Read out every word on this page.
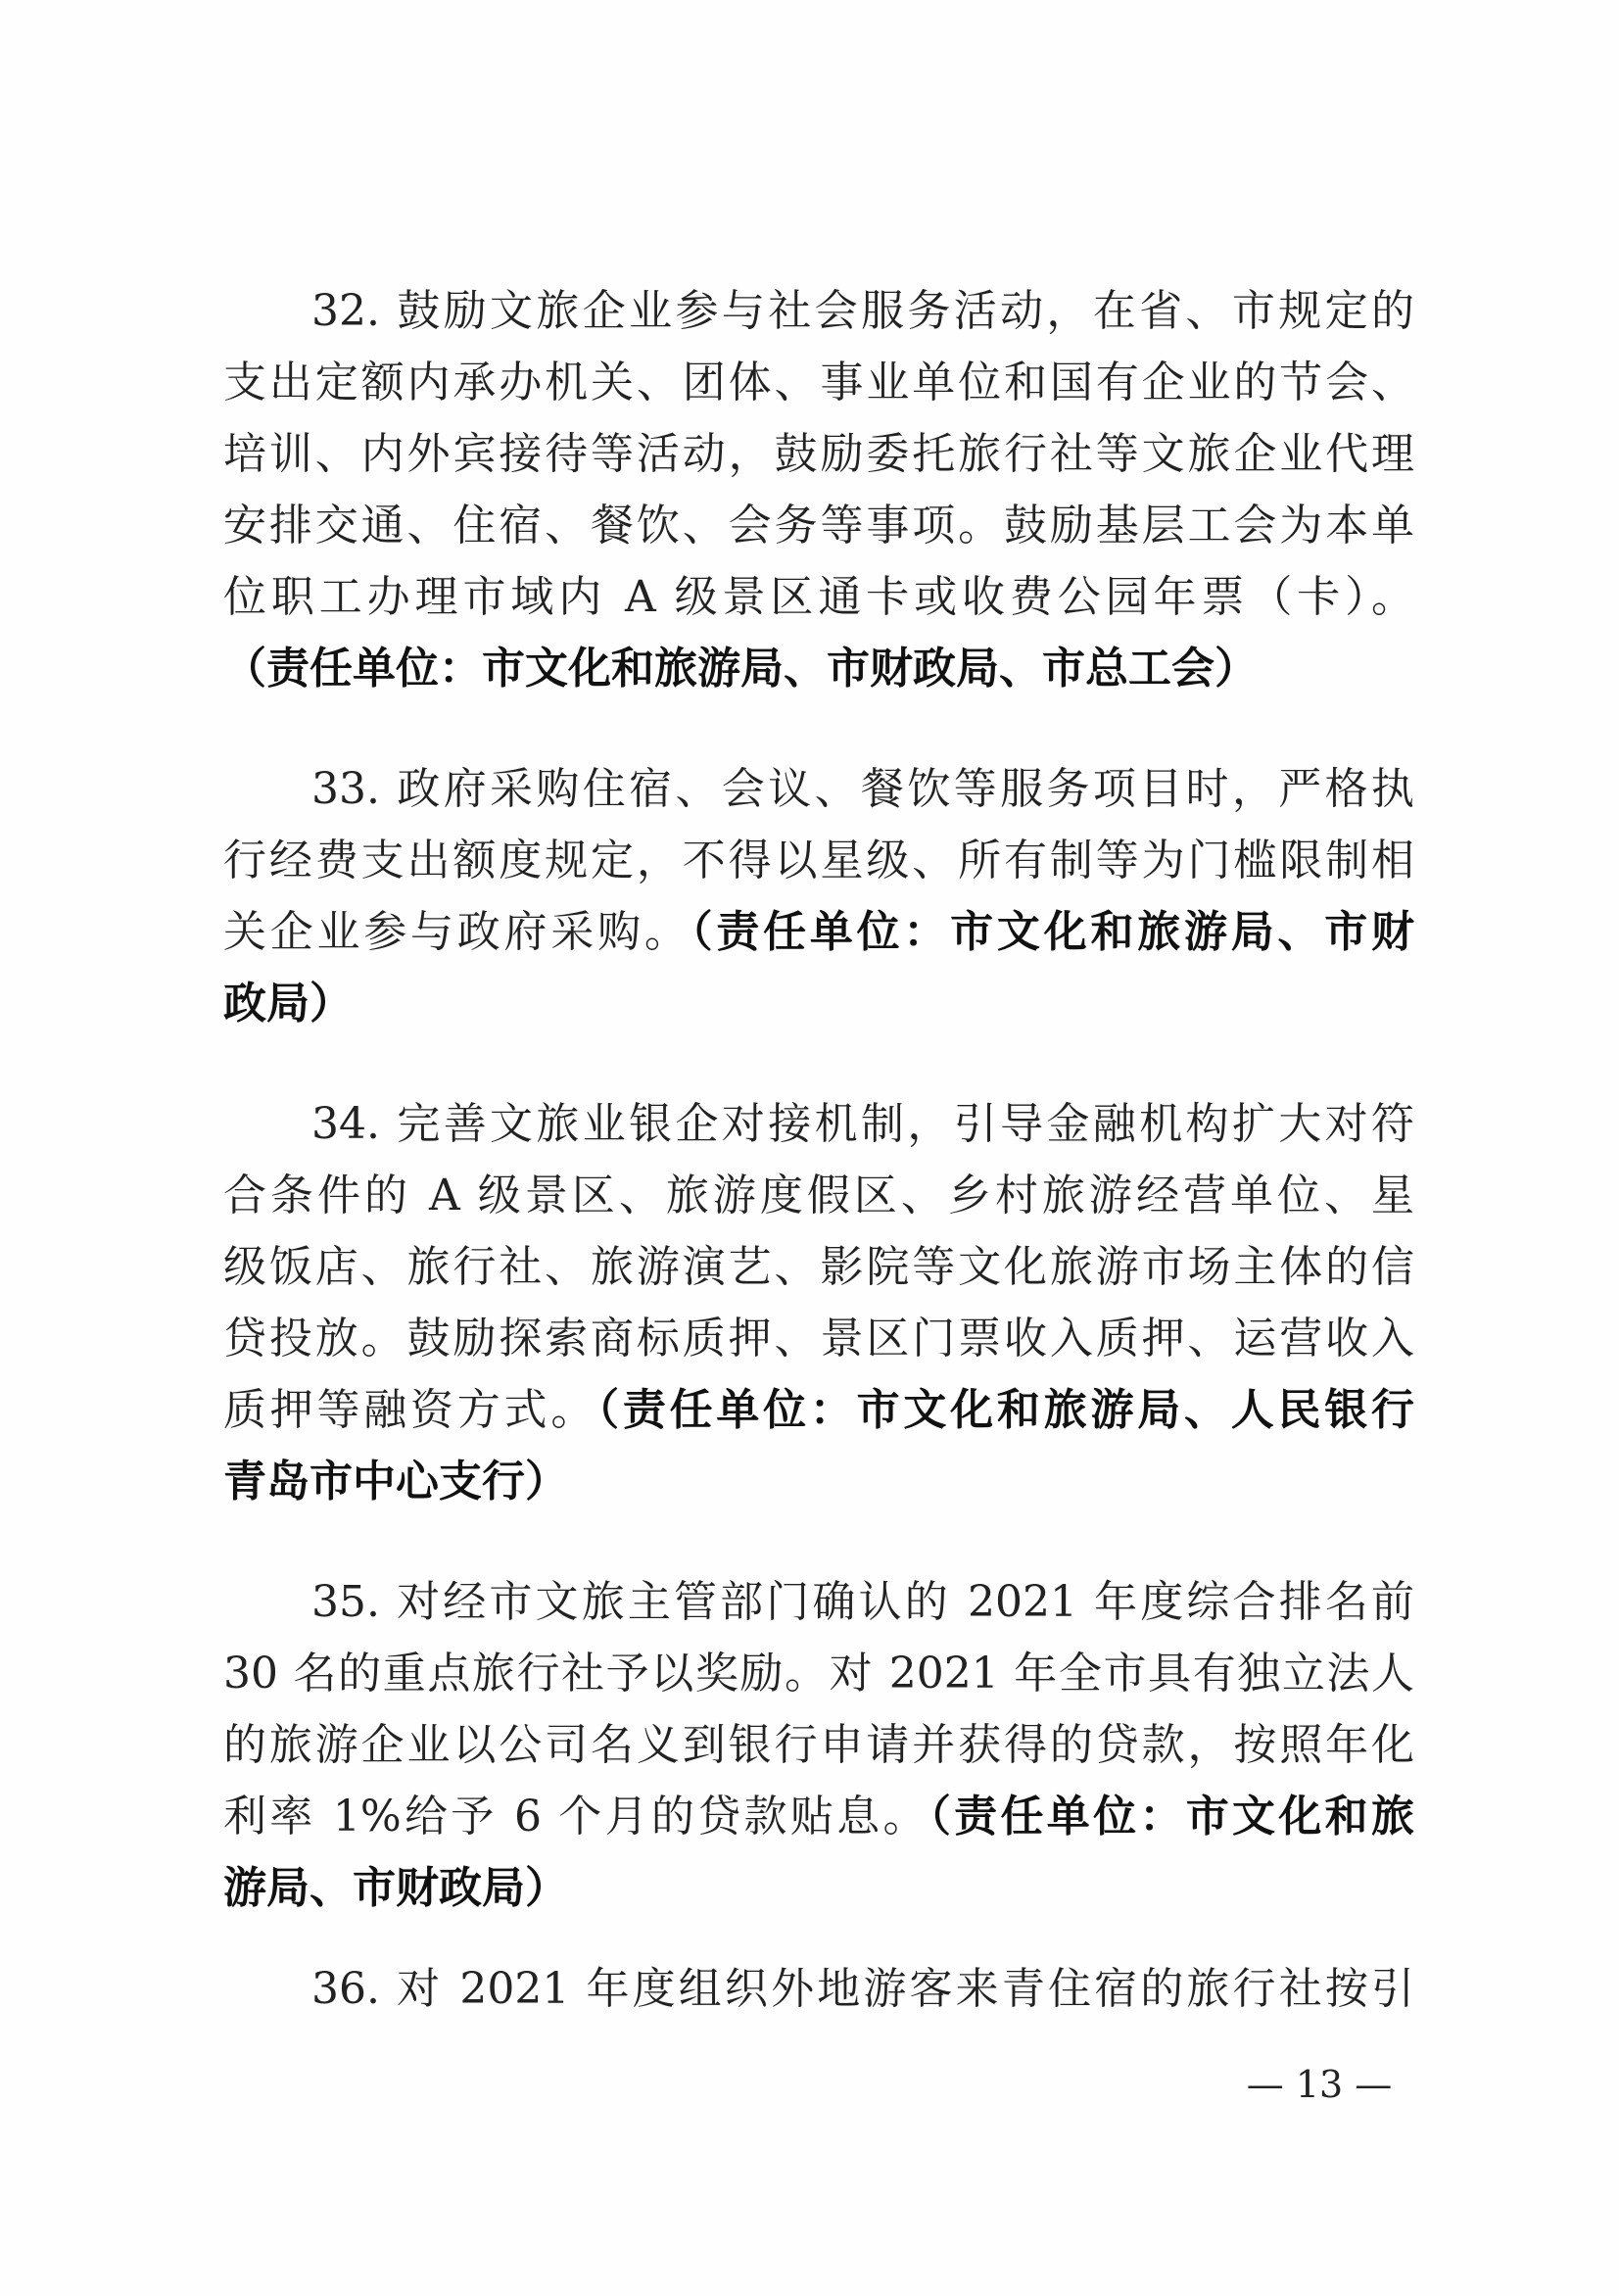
32. 鼓励文旅企业参与社会服务活动，在省、市规定的
支出定额内承办机关、团体、事业单位和国有企业的节会、
培训、内外宾接待等活动，鼓励委托旅行社等文旅企业代理
安排交通、住宿、餐饮、会务等事项。鼓励基层工会为本单
位职工办理市域内 A 级景区通卡或收费公园年票（卡）。
（责任单位：市文化和旅游局、市财政局、市总工会）
33. 政府采购住宿、会议、餐饮等服务项目时，严格执
行经费支出额度规定，不得以星级、所有制等为门槛限制相
关企业参与政府采购。（责任单位：市文化和旅游局、市财
政局）
34. 完善文旅业银企对接机制，引导金融机构扩大对符
合条件的 A 级景区、旅游度假区、乡村旅游经营单位、星
级饭店、旅行社、旅游演艺、影院等文化旅游市场主体的信
贷投放。鼓励探索商标质押、景区门票收入质押、运营收入
质押等融资方式。（责任单位：市文化和旅游局、人民银行
青岛市中心支行）
35. 对经市文旅主管部门确认的 2021 年度综合排名前
30 名的重点旅行社予以奖励。对 2021 年全市具有独立法人
的旅游企业以公司名义到银行申请并获得的贷款，按照年化
利率 1%给予 6 个月的贷款贴息。（责任单位：市文化和旅
游局、市财政局）
36. 对 2021 年度组织外地游客来青住宿的旅行社按引
— 13 —
